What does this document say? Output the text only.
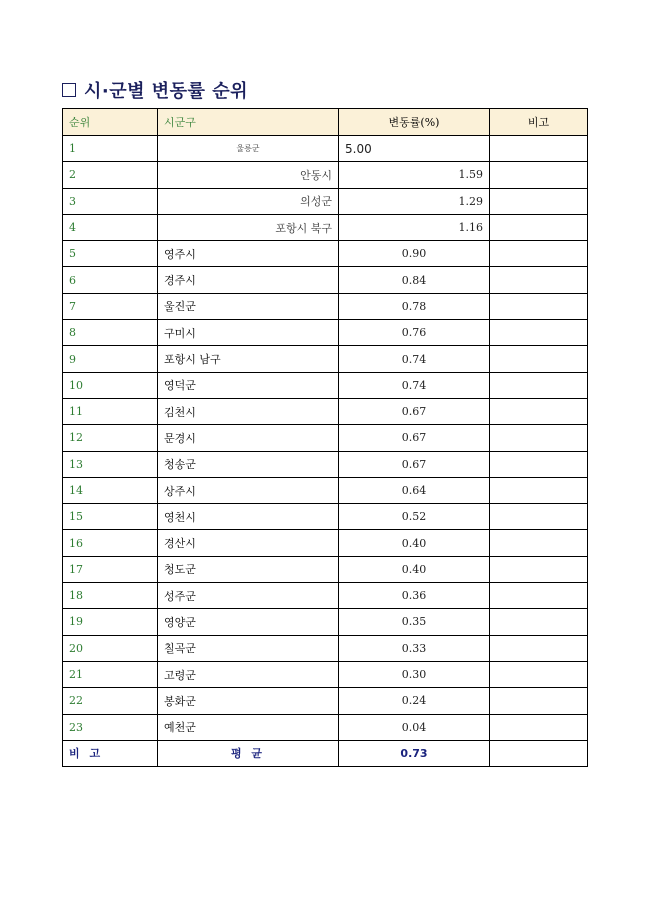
시·군별 변동률 순위
순위	시군구	변동률(%)	비고
1	울릉군	5.00	
2	안동시	1.59	
3	의성군	1.29	
4	포항시 북구	1.16	
5	영주시	0.90	
6	경주시	0.84	
7	울진군	0.78	
8	구미시	0.76	
9	포항시 남구	0.74	
10	영덕군	0.74	
11	김천시	0.67	
12	문경시	0.67	
13	청송군	0.67	
14	상주시	0.64	
15	영천시	0.52	
16	경산시	0.40	
17	청도군	0.40	
18	성주군	0.36	
19	영양군	0.35	
20	칠곡군	0.33	
21	고령군	0.30	
22	봉화군	0.24	
23	예천군	0.04	
비 고	평 균	0.73	
